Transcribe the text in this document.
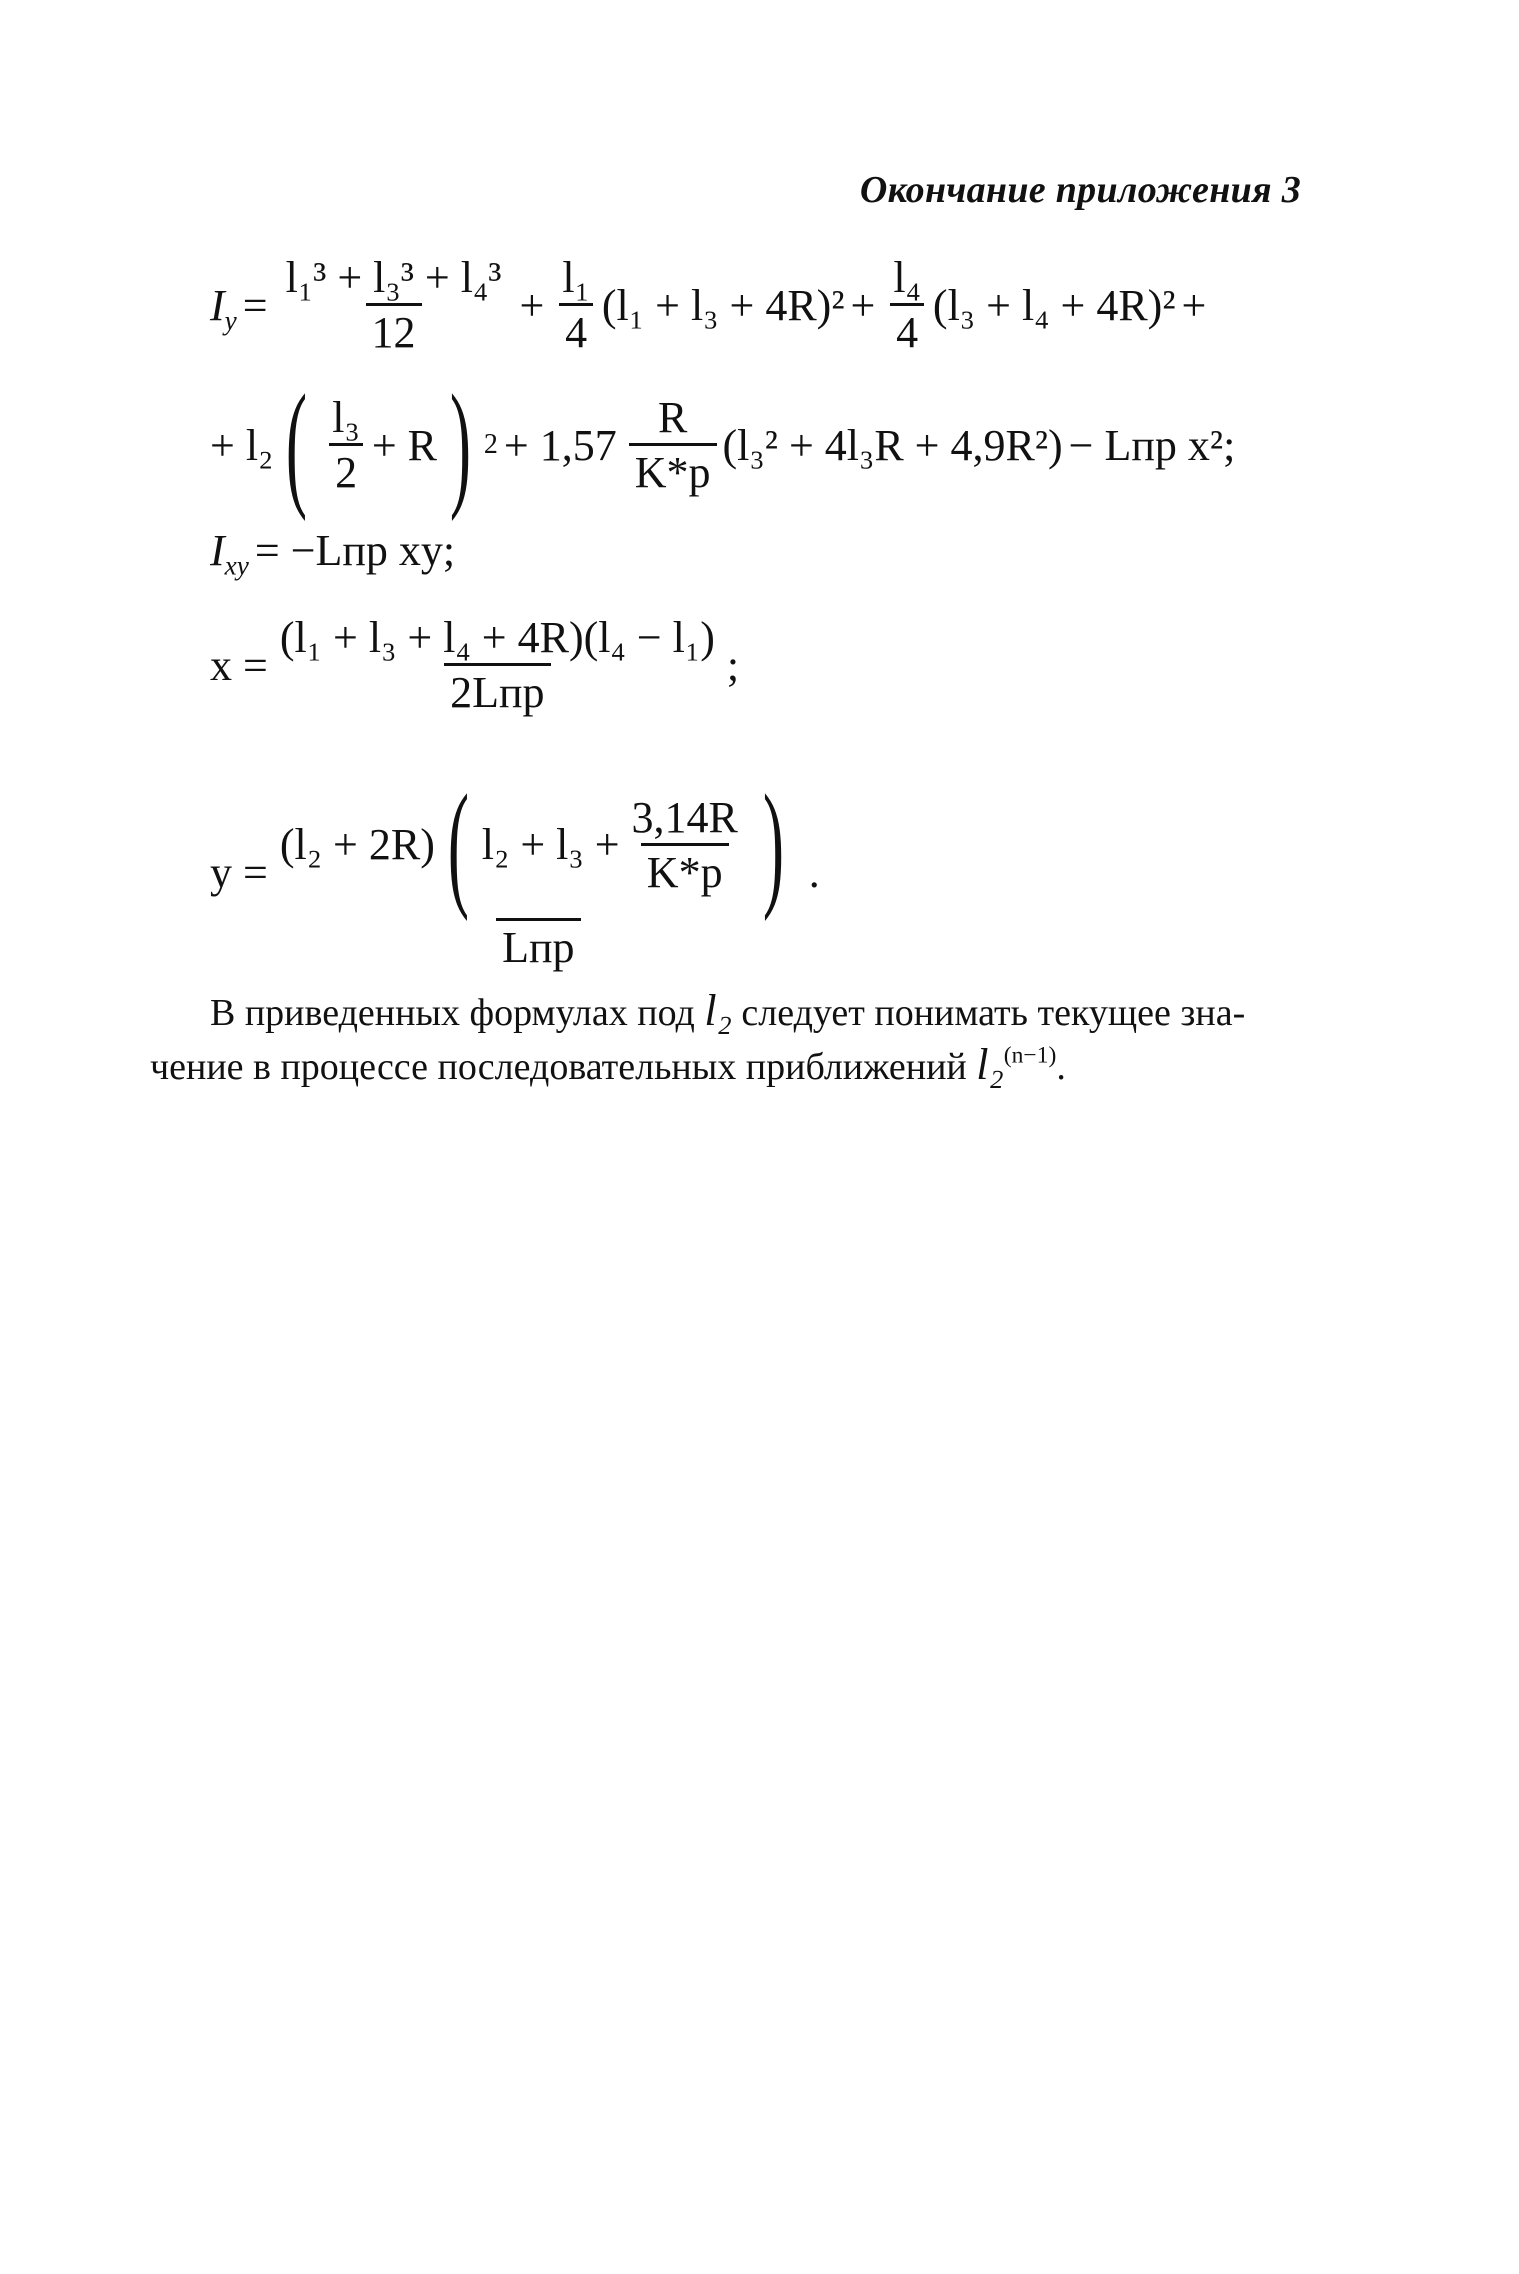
Окончание приложения 3
$I_y = \frac{\text{l₁³ + l₃³ + l₄³}}{12} + \frac{\text{l₁}}{4} (l_1 + l_3 + 4R)^2 + \frac{\text{l₄}}{4} (l_3 + l_4 + 4R)^2$ +
+ l₂ ( $\frac{\text{l₃}}{2} + R$ ) $2 + 1,57 \frac{R}{K*p} (l_3^2 + 4l_3R + 4,9R^2)$ − Lпр x²;
$I_{xy} = -Lпр$ xy;
$x = \frac{\text{(l₁ + l₃ + l₄ + 4R)(l₄ − l₁)}}{\text{2Lпр}}$ ;
y =
(l₂ + 2R) ( $l_2 + l_3 + \frac{3,14R}{K*p}$ )
Lпр
.
В приведенных формулах под l₂ следует понимать текущее зна-
чение в процессе последовательных приближений l₂$^{(n-1)}$.
